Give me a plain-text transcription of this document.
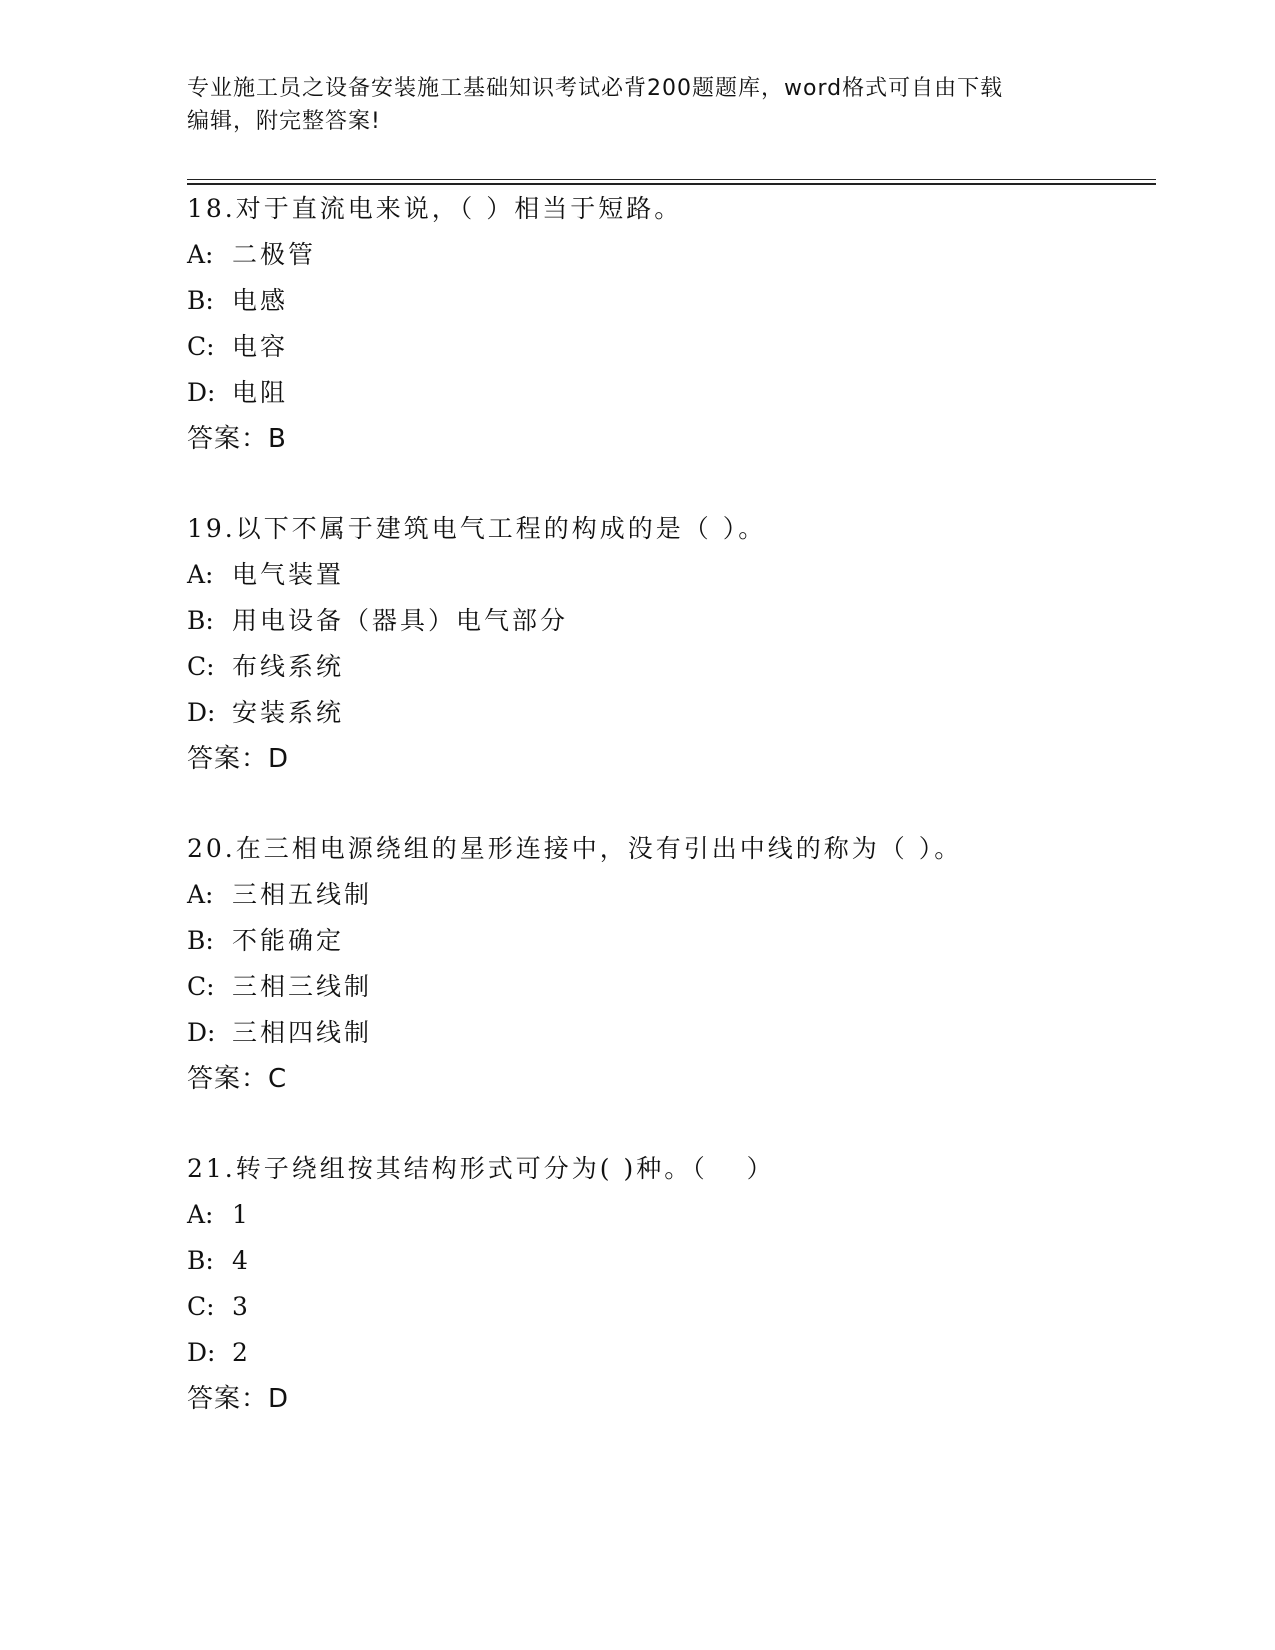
专业施工员之设备安装施工基础知识考试必背200题题库，word格式可自由下载
编辑，附完整答案!
18.对于直流电来说，（ ）相当于短路。
A: 二极管
B: 电感
C: 电容
D: 电阻
答案：B
19.以下不属于建筑电气工程的构成的是（ ）。
A: 电气装置
B: 用电设备（器具）电气部分
C: 布线系统
D: 安装系统
答案：D
20.在三相电源绕组的星形连接中，没有引出中线的称为（ ）。
A: 三相五线制
B: 不能确定
C: 三相三线制
D: 三相四线制
答案：C
21.转子绕组按其结构形式可分为( )种。（　 ）
A: 1
B: 4
C: 3
D: 2
答案：D
